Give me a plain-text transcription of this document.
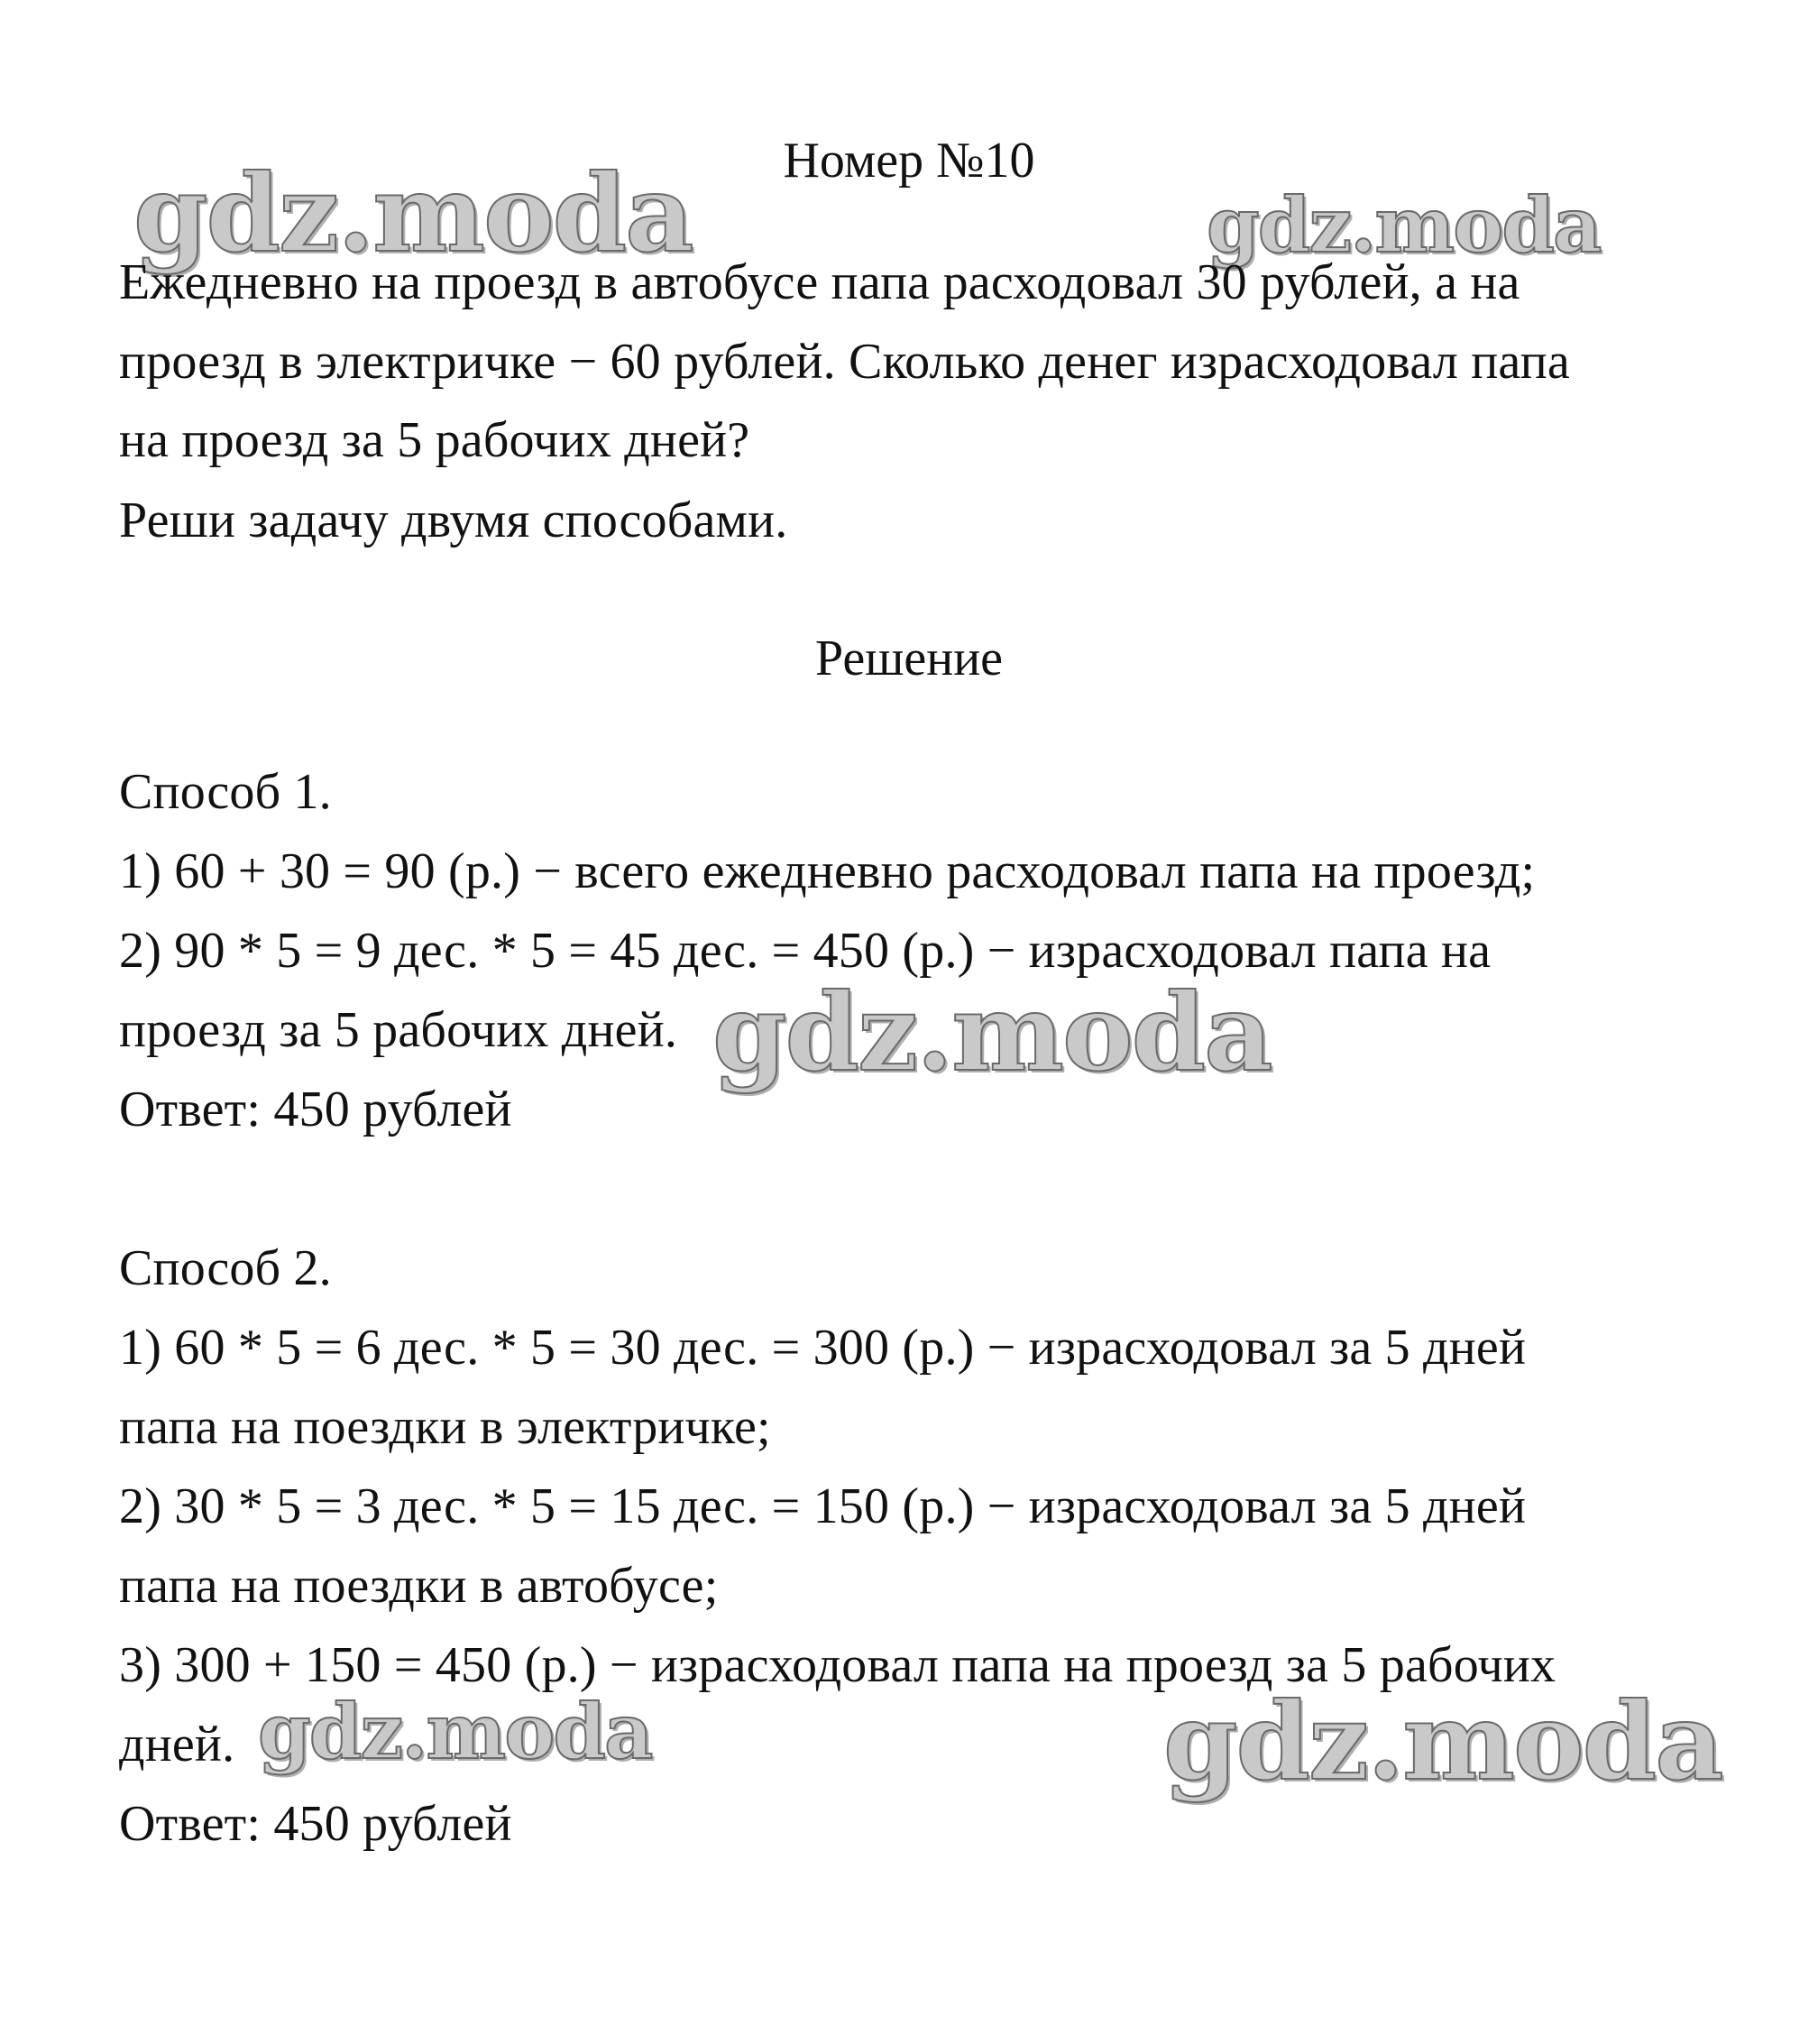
gdz.moda	gdz.moda
Номер №10
Ежедневно на проезд в автобусе папа расходовал 30 рублей, а на
проезд в электричке − 60 рублей. Сколько денег израсходовал папа
на проезд за 5 рабочих дней?
Реши задачу двумя способами.
Решение
Способ 1.
1) 60 + 30 = 90 (р.) − всего ежедневно расходовал папа на проезд;
2) 90 * 5 = 9 дес. * 5 = 45 дес. = 450 (р.) − израсходовал папа на
проезд за 5 рабочих дней.
Ответ: 450 рублей
gdz.moda
Способ 2.
1) 60 * 5 = 6 дес. * 5 = 30 дес. = 300 (р.) − израсходовал за 5 дней
папа на поездки в электричке;
2) 30 * 5 = 3 дес. * 5 = 15 дес. = 150 (р.) − израсходовал за 5 дней
папа на поездки в автобусе;
3) 300 + 150 = 450 (р.) − израсходовал папа на проезд за 5 рабочих
дней.
Ответ: 450 рублей
gdz.moda	gdz.moda
